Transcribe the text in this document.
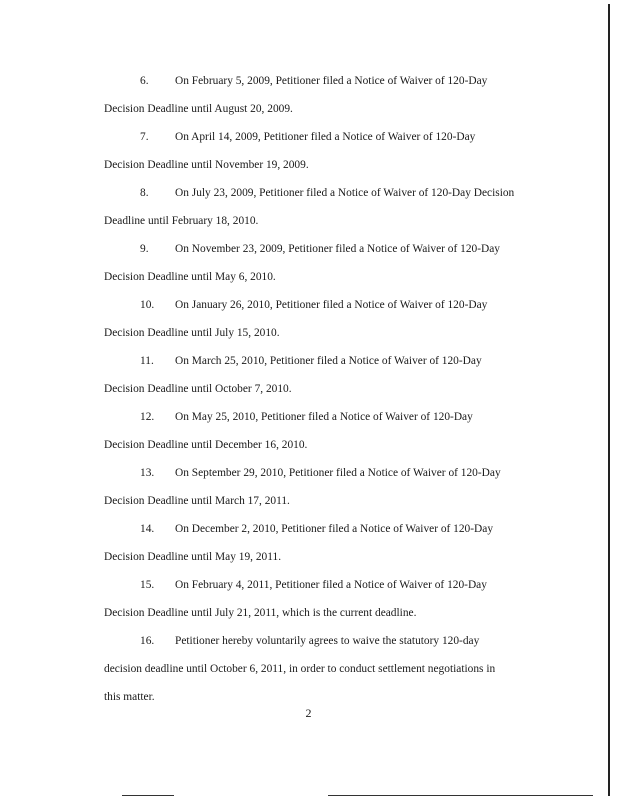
6. On February 5, 2009, Petitioner filed a Notice of Waiver of 120-Day
Decision Deadline until August 20, 2009.
7. On April 14, 2009, Petitioner filed a Notice of Waiver of 120-Day
Decision Deadline until November 19, 2009.
8. On July 23, 2009, Petitioner filed a Notice of Waiver of 120-Day Decision
Deadline until February 18, 2010.
9. On November 23, 2009, Petitioner filed a Notice of Waiver of 120-Day
Decision Deadline until May 6, 2010.
10. On January 26, 2010, Petitioner filed a Notice of Waiver of 120-Day
Decision Deadline until July 15, 2010.
11. On March 25, 2010, Petitioner filed a Notice of Waiver of 120-Day
Decision Deadline until October 7, 2010.
12. On May 25, 2010, Petitioner filed a Notice of Waiver of 120-Day
Decision Deadline until December 16, 2010.
13. On September 29, 2010, Petitioner filed a Notice of Waiver of 120-Day
Decision Deadline until March 17, 2011.
14. On December 2, 2010, Petitioner filed a Notice of Waiver of 120-Day
Decision Deadline until May 19, 2011.
15. On February 4, 2011, Petitioner filed a Notice of Waiver of 120-Day
Decision Deadline until July 21, 2011, which is the current deadline.
16. Petitioner hereby voluntarily agrees to waive the statutory 120-day
decision deadline until October 6, 2011, in order to conduct settlement negotiations in
this matter.
2
